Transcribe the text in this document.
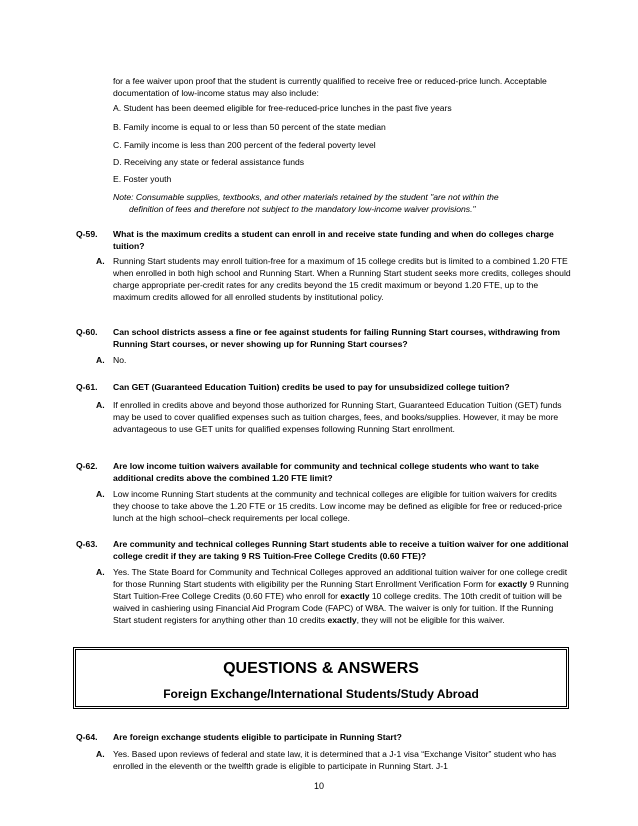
for a fee waiver upon proof that the student is currently qualified to receive free or reduced-price lunch. Acceptable documentation of low-income status may also include:

A. Student has been deemed eligible for free-reduced-price lunches in the past five years

B. Family income is equal to or less than 50 percent of the state median

C. Family income is less than 200 percent of the federal poverty level

D. Receiving any state or federal assistance funds

E. Foster youth

Note: Consumable supplies, textbooks, and other materials retained by the student "are not within the
definition of fees and therefore not subject to the mandatory low-income waiver provisions."

Q-59. What is the maximum credits a student can enroll in and receive state funding and when do colleges charge tuition?
A. Running Start students may enroll tuition-free for a maximum of 15 college credits but is limited to a combined 1.20 FTE when enrolled in both high school and Running Start. When a Running Start student seeks more credits, colleges should charge appropriate per-credit rates for any credits beyond the 15 credit maximum or beyond 1.20 FTE, up to the maximum credits allowed for all enrolled students by institutional policy.
Q-60. Can school districts assess a fine or fee against students for failing Running Start courses, withdrawing from Running Start courses, or never showing up for Running Start courses?
A. No.
Q-61. Can GET (Guaranteed Education Tuition) credits be used to pay for unsubsidized college tuition?
A. If enrolled in credits above and beyond those authorized for Running Start, Guaranteed Education Tuition (GET) funds may be used to cover qualified expenses such as tuition charges, fees, and books/supplies. However, it may be more advantageous to use GET units for qualified expenses following Running Start enrollment.
Q-62. Are low income tuition waivers available for community and technical college students who want to take additional credits above the combined 1.20 FTE limit?
A. Low income Running Start students at the community and technical colleges are eligible for tuition waivers for credits they choose to take above the 1.20 FTE or 15 credits. Low income may be defined as eligible for free or reduced-price lunch at the high school–check requirements per local college.
Q-63. Are community and technical colleges Running Start students able to receive a tuition waiver for one additional college credit if they are taking 9 RS Tuition-Free College Credits (0.60 FTE)?
A. Yes. The State Board for Community and Technical Colleges approved an additional tuition waiver for one college credit for those Running Start students with eligibility per the Running Start Enrollment Verification Form for exactly 9 Running Start Tuition-Free College Credits (0.60 FTE) who enroll for exactly 10 college credits. The 10th credit of tuition will be waived in cashiering using Financial Aid Program Code (FAPC) of W8A. The waiver is only for tuition. If the Running Start student registers for anything other than 10 credits exactly, they will not be eligible for this waiver.
QUESTIONS & ANSWERS
Foreign Exchange/International Students/Study Abroad
Q-64. Are foreign exchange students eligible to participate in Running Start?
A. Yes. Based upon reviews of federal and state law, it is determined that a J-1 visa “Exchange Visitor” student who has enrolled in the eleventh or the twelfth grade is eligible to participate in Running Start. J-1
10
